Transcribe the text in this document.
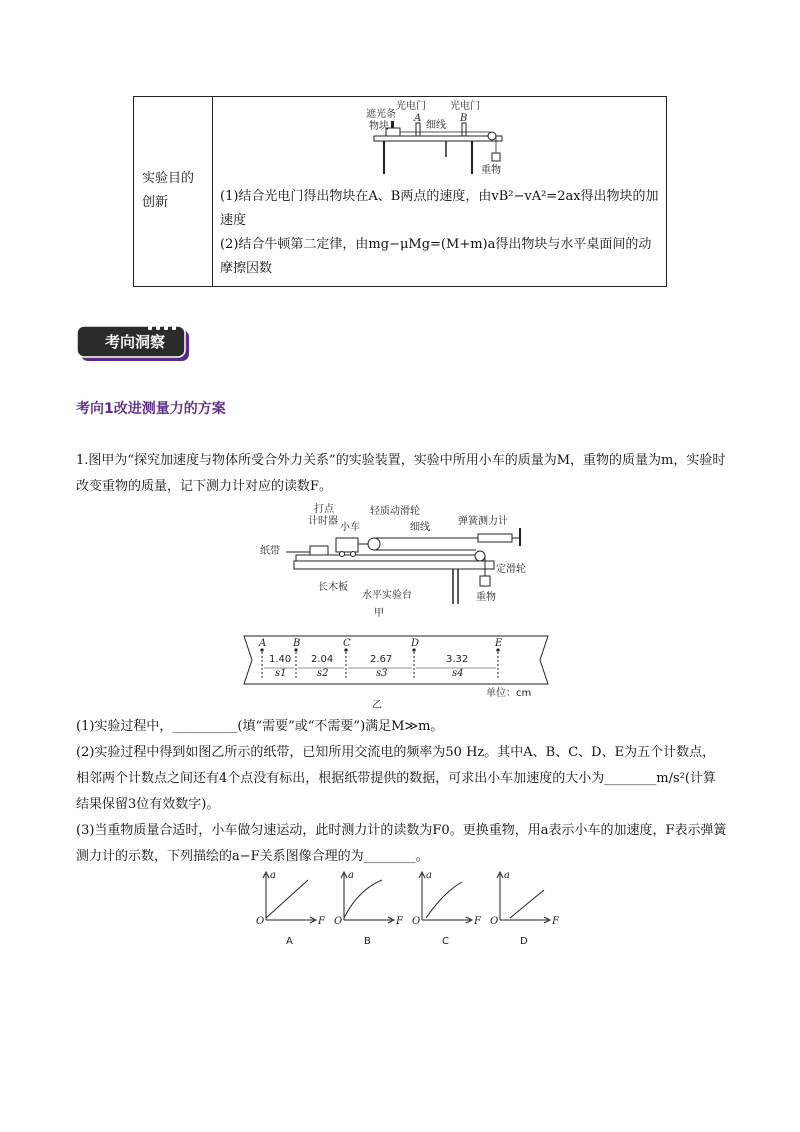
实验目的创新
遮光条
物块
光电门 光电门
A	B
细线
重物

(1)结合光电门得出物块在A、B两点的速度，由vB²−vA²=2ax得出物块的加速度

(2)结合牛顿第二定律，由mg−μMg=(M+m)a得出物块与水平桌面间的动摩擦因数

考向洞察
考向1改进测量力的方案

1.图甲为“探究加速度与物体所受合外力关系”的实验装置，实验中所用小车的质量为M，重物的质量为m，实验时改变重物的质量，记下测力计对应的读数F。

打点
计时器
小车
轻质动滑轮
细线
弹簧测力计
纸带
定滑轮
长木板
水平实验台	重物
甲
A	B	C	D	E
1.40
s1
2.04
s2
2.67
s3
3.32
s4
单位：cm
乙

(1)实验过程中，__________(填“需要”或“不需要”)满足M≫m。

(2)实验过程中得到如图乙所示的纸带，已知所用交流电的频率为50 Hz。其中A、B、C、D、E为五个计数点，相邻两个计数点之间还有4个点没有标出，根据纸带提供的数据，可求出小车加速度的大小为________m/s²(计算结果保留3位有效数字)。

(3)当重物质量合适时，小车做匀速运动，此时测力计的读数为F0。更换重物，用a表示小车的加速度，F表示弹簧测力计的示数，下列描绘的a−F关系图像合理的为________。

a
F
O
A
a
F
O
B
a
F
O
C
a
F
O
D
